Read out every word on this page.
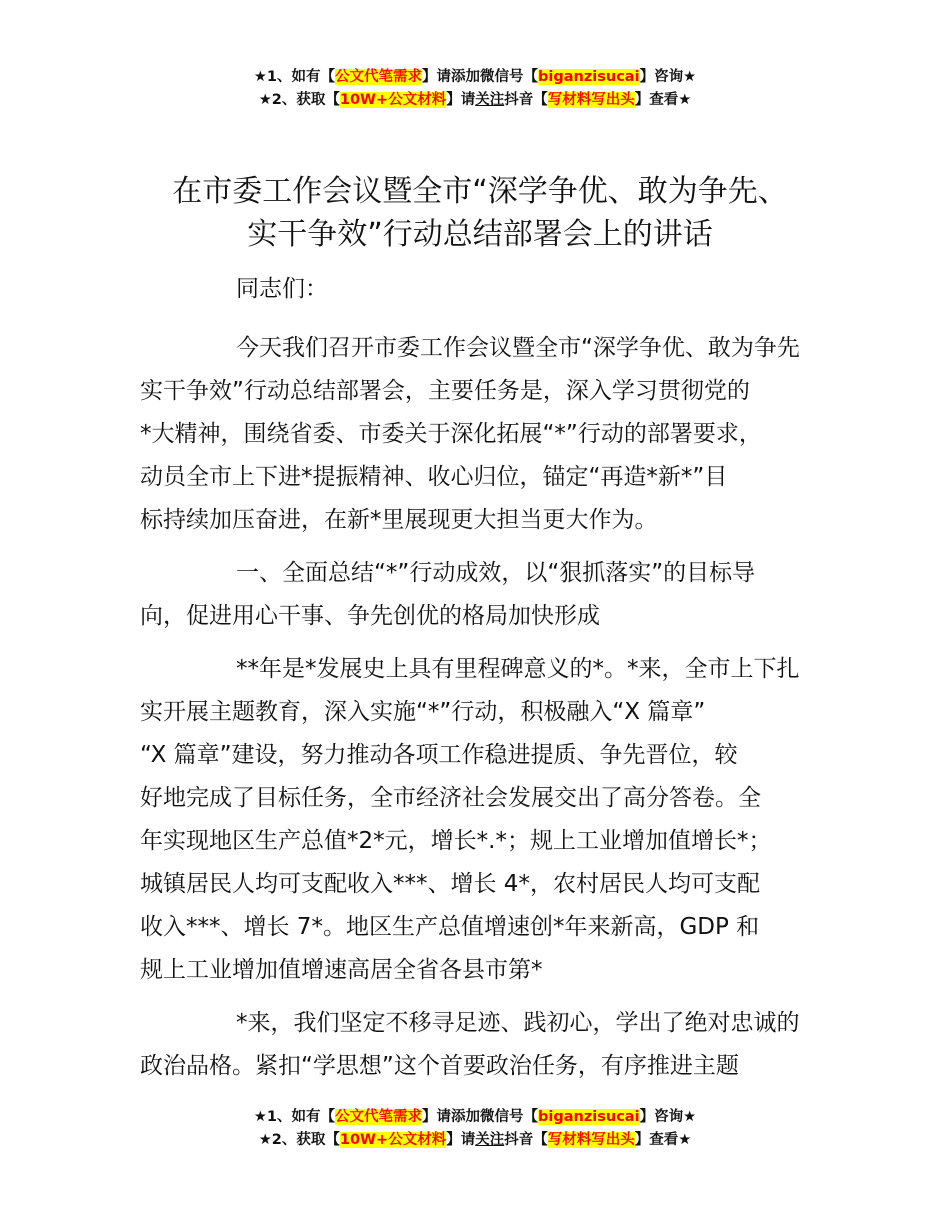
★1、如有【公文代笔需求】请添加微信号【biganzisucai】咨询★
★2、获取【10W+公文材料】请关注抖音【写材料写出头】查看★
在市委工作会议暨全市“深学争优、敢为争先、
实干争效”行动总结部署会上的讲话

同志们：

今天我们召开市委工作会议暨全市“深学争优、敢为争先
实干争效”行动总结部署会，主要任务是，深入学习贯彻党的
*大精神，围绕省委、市委关于深化拓展“*”行动的部署要求，
动员全市上下进*提振精神、收心归位，锚定“再造*新*”目
标持续加压奋进，在新*里展现更大担当更大作为。

一、全面总结“*”行动成效，以“狠抓落实”的目标导
向，促进用心干事、争先创优的格局加快形成

**年是*发展史上具有里程碑意义的*。*来，全市上下扎
实开展主题教育，深入实施“*”行动，积极融入“X 篇章”
“X 篇章”建设，努力推动各项工作稳进提质、争先晋位，较
好地完成了目标任务，全市经济社会发展交出了高分答卷。全
年实现地区生产总值*2*元，增长*.*；规上工业增加值增长*；
城镇居民人均可支配收入***、增长 4*，农村居民人均可支配
收入***、增长 7*。地区生产总值增速创*年来新高，GDP 和
规上工业增加值增速高居全省各县市第*

*来，我们坚定不移寻足迹、践初心，学出了绝对忠诚的
政治品格。紧扣“学思想”这个首要政治任务，有序推进主题

★1、如有【公文代笔需求】请添加微信号【biganzisucai】咨询★
★2、获取【10W+公文材料】请关注抖音【写材料写出头】查看★
